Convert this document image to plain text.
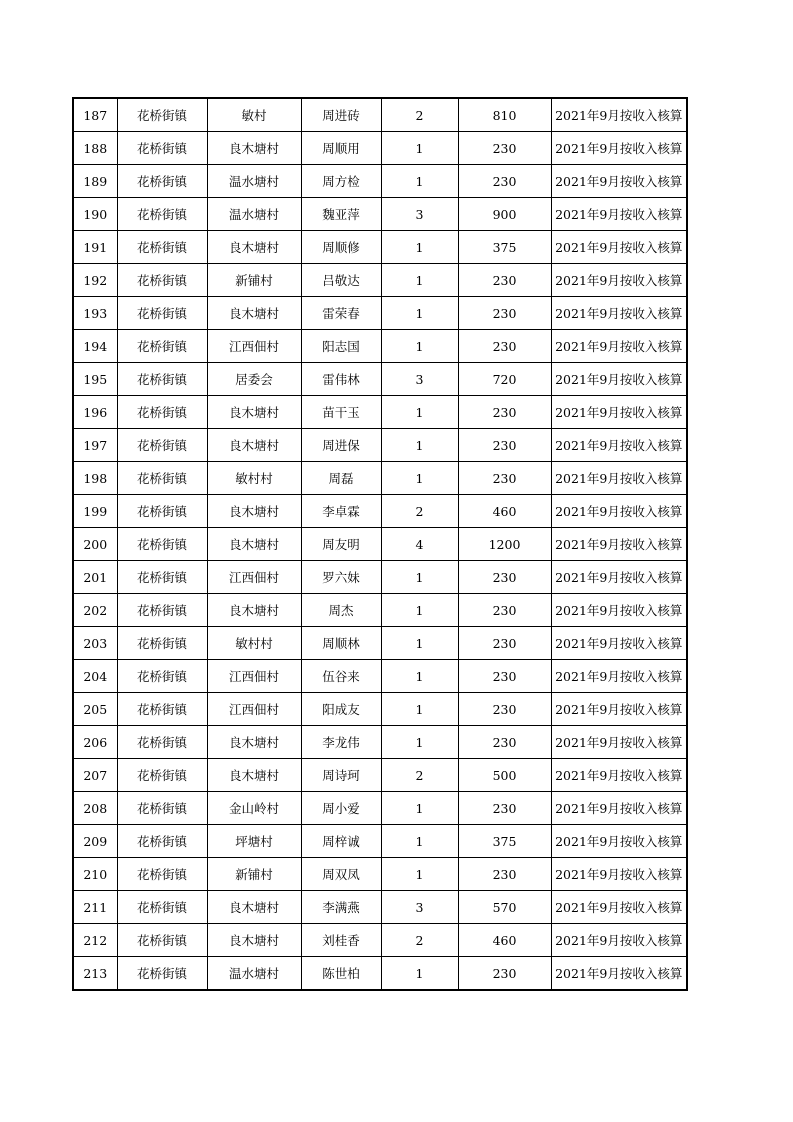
187	花桥街镇	敏村	周进砖	2	810	2021年9月按收入核算
188	花桥街镇	良木塘村	周顺用	1	230	2021年9月按收入核算
189	花桥街镇	温水塘村	周方检	1	230	2021年9月按收入核算
190	花桥街镇	温水塘村	魏亚萍	3	900	2021年9月按收入核算
191	花桥街镇	良木塘村	周顺修	1	375	2021年9月按收入核算
192	花桥街镇	新铺村	吕敬达	1	230	2021年9月按收入核算
193	花桥街镇	良木塘村	雷荣春	1	230	2021年9月按收入核算
194	花桥街镇	江西佃村	阳志国	1	230	2021年9月按收入核算
195	花桥街镇	居委会	雷伟林	3	720	2021年9月按收入核算
196	花桥街镇	良木塘村	苗干玉	1	230	2021年9月按收入核算
197	花桥街镇	良木塘村	周进保	1	230	2021年9月按收入核算
198	花桥街镇	敏村村	周磊	1	230	2021年9月按收入核算
199	花桥街镇	良木塘村	李卓霖	2	460	2021年9月按收入核算
200	花桥街镇	良木塘村	周友明	4	1200	2021年9月按收入核算
201	花桥街镇	江西佃村	罗六妹	1	230	2021年9月按收入核算
202	花桥街镇	良木塘村	周杰	1	230	2021年9月按收入核算
203	花桥街镇	敏村村	周顺林	1	230	2021年9月按收入核算
204	花桥街镇	江西佃村	伍谷来	1	230	2021年9月按收入核算
205	花桥街镇	江西佃村	阳成友	1	230	2021年9月按收入核算
206	花桥街镇	良木塘村	李龙伟	1	230	2021年9月按收入核算
207	花桥街镇	良木塘村	周诗珂	2	500	2021年9月按收入核算
208	花桥街镇	金山岭村	周小爱	1	230	2021年9月按收入核算
209	花桥街镇	坪塘村	周梓诚	1	375	2021年9月按收入核算
210	花桥街镇	新铺村	周双凤	1	230	2021年9月按收入核算
211	花桥街镇	良木塘村	李满燕	3	570	2021年9月按收入核算
212	花桥街镇	良木塘村	刘桂香	2	460	2021年9月按收入核算
213	花桥街镇	温水塘村	陈世柏	1	230	2021年9月按收入核算
